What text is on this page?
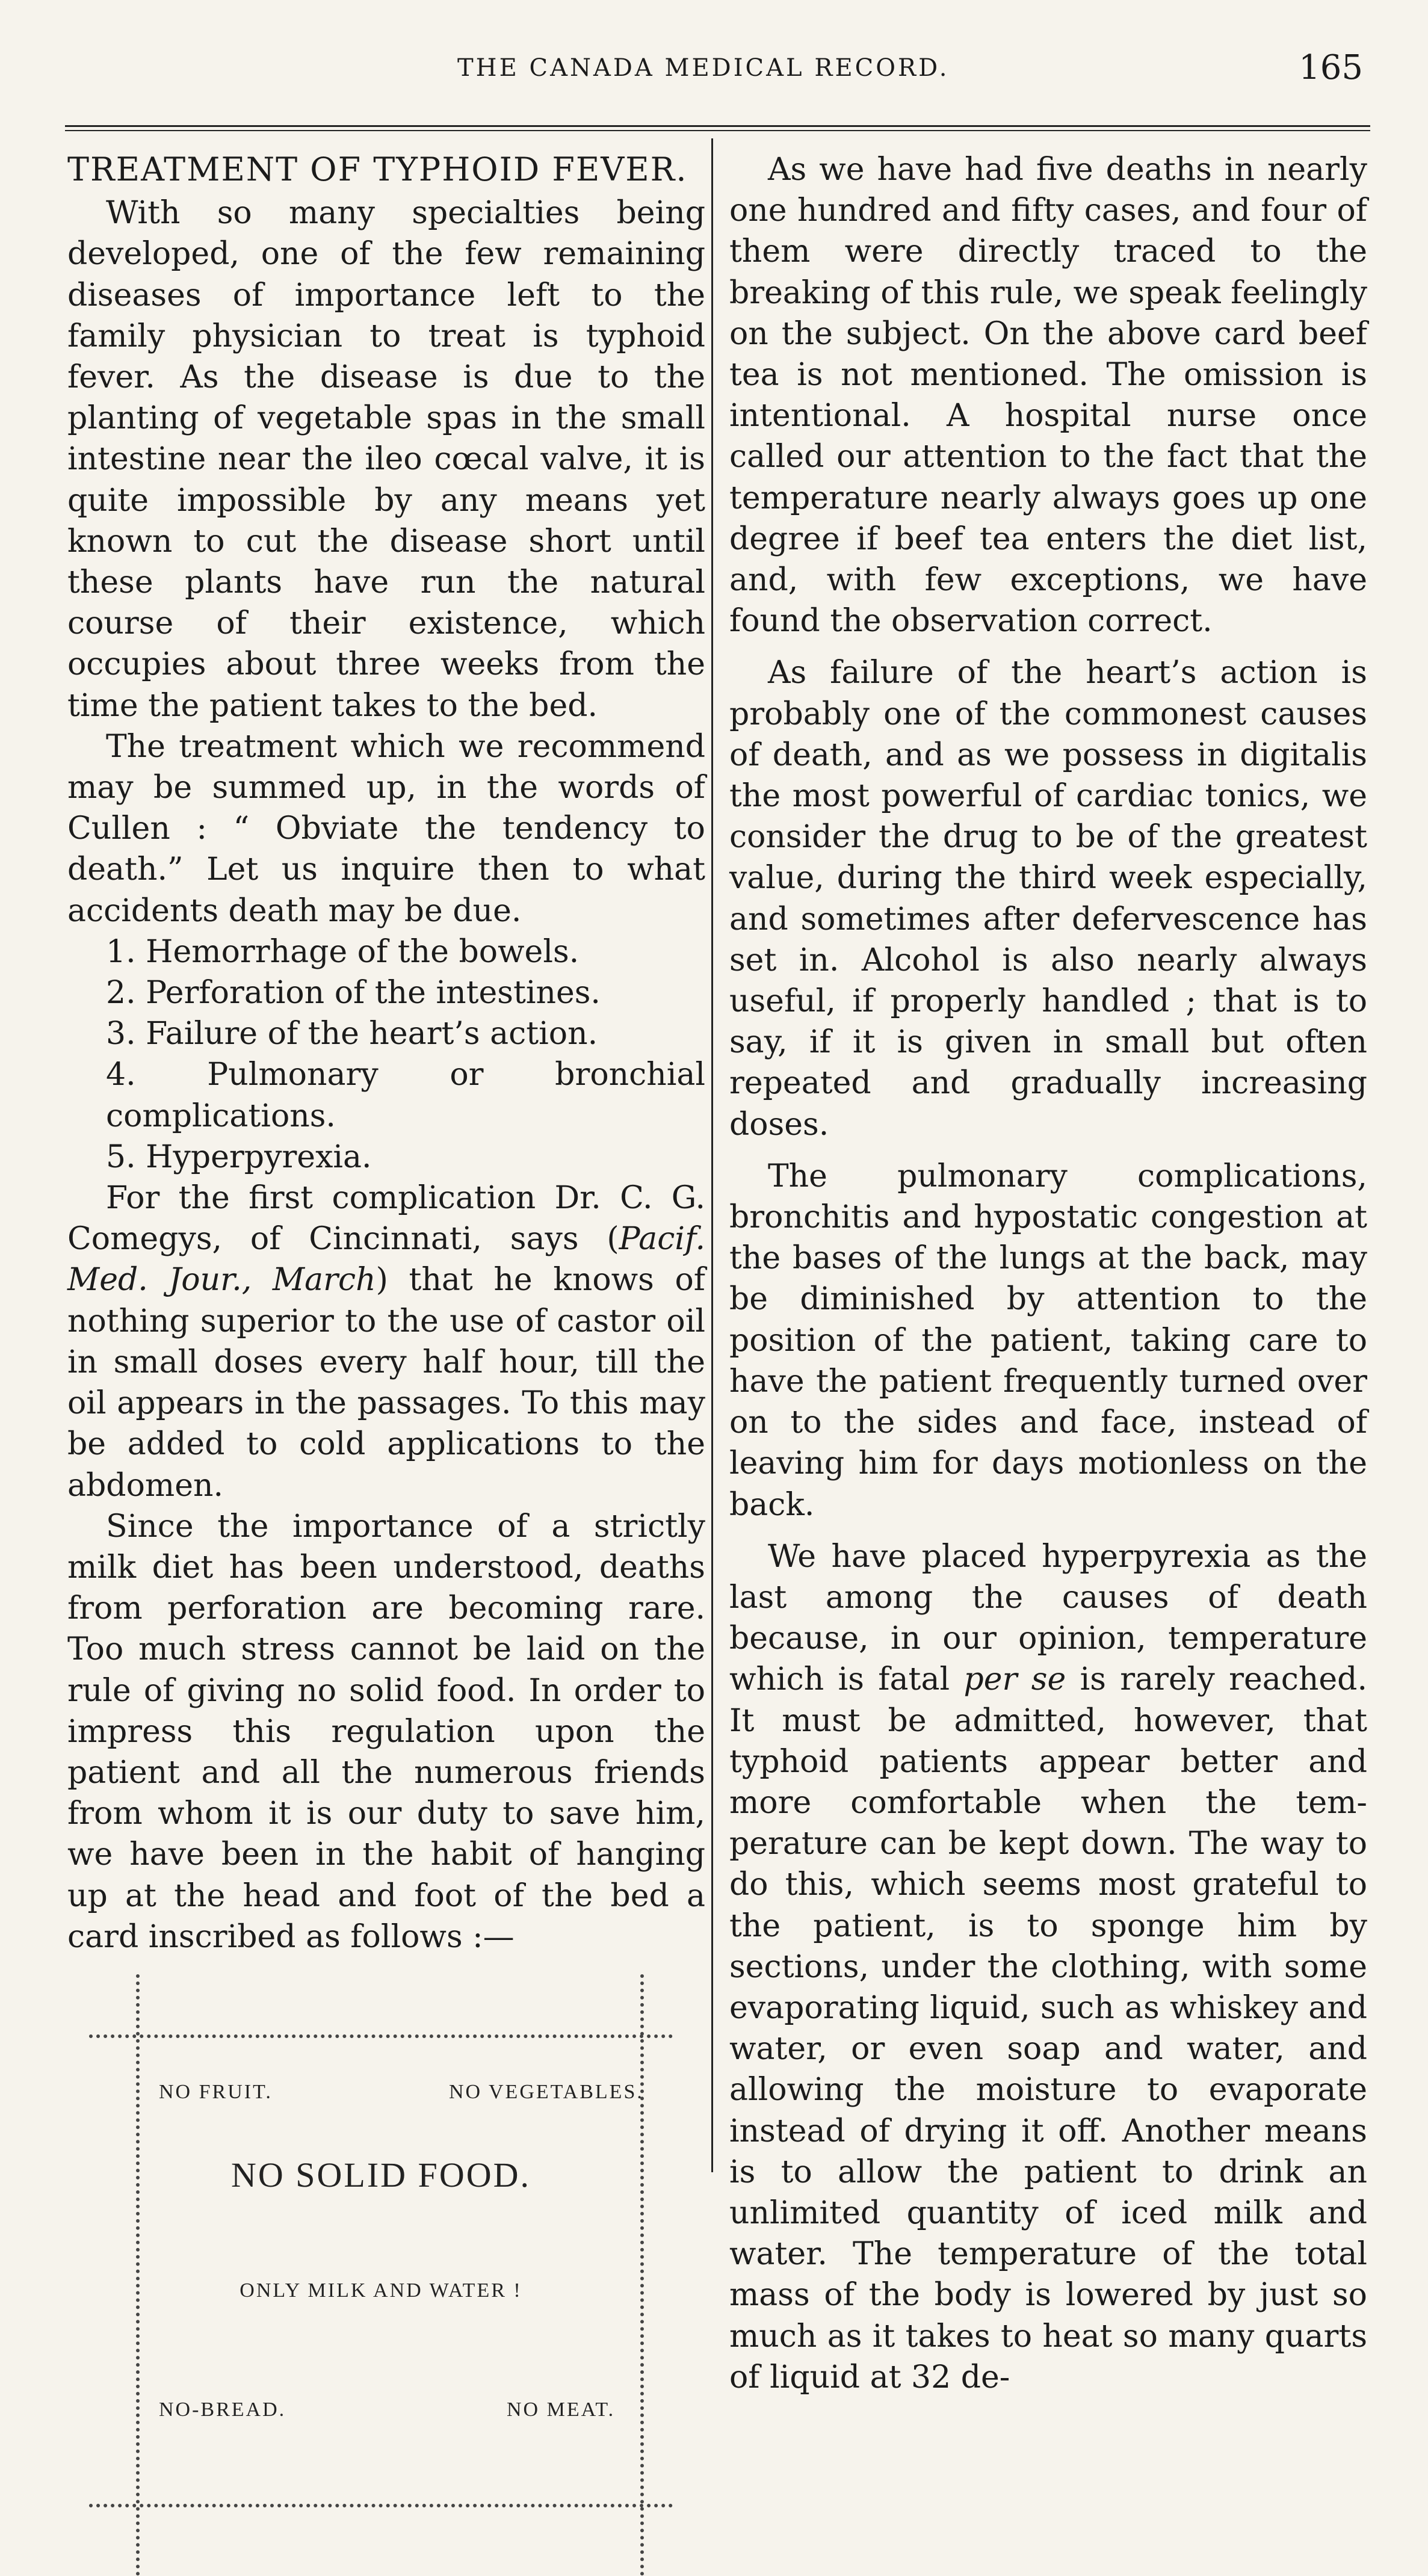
THE CANADA MEDICAL RECORD.	165

TREATMENT OF TYPHOID FEVER.

With so many specialties being developed, one of the few remaining diseases of importance left to the family physician to treat is typhoid fever. As the disease is due to the planting of vegetable spas in the small intestine near the ileo cœcal valve, it is quite impossible by any means yet known to cut the disease short until these plants have run the natural course of their existence, which occupies about three weeks from the time the patient takes to the bed.

The treatment which we recommend may be summed up, in the words of Cullen : “ Obviate the tendency to death.” Let us inquire then to what accidents death may be due.

1. Hemorrhage of the bowels.
2. Perforation of the intestines.
3. Failure of the heart’s action.
4. Pulmonary or bronchial complications.
5. Hyperpyrexia.

For the first complication Dr. C. G. Comegys, of Cincinnati, says (Pacif. Med. Jour., March) that he knows of nothing superior to the use of castor oil in small doses every half hour, till the oil appears in the passages. To this may be added to cold applications to the abdomen.

Since the importance of a strictly milk diet has been understood, deaths from perforation are becoming rare. Too much stress cannot be laid on the rule of giving no solid food. In order to impress this regulation upon the patient and all the numerous friends from whom it is our duty to save him, we have been in the habit of hanging up at the head and foot of the bed a card inscribed as follows :—

NO FRUIT.	NO VEGETABLES.
NO SOLID FOOD.
ONLY MILK AND WATER !
NO-BREAD.	NO MEAT.

As we have had five deaths in nearly one hundred and fifty cases, and four of them were directly traced to the breaking of this rule, we speak feelingly on the subject. On the above card beef tea is not mentioned. The omission is intentional. A hospital nurse once called our attention to the fact that the temperature nearly always goes up one degree if beef tea enters the diet list, and, with few exceptions, we have found the observation correct.

As failure of the heart’s action is probably one of the commonest causes of death, and as we possess in digitalis the most powerful of cardiac tonics, we consider the drug to be of the greatest value, during the third week especially, and sometimes after defervescence has set in. Alcohol is also nearly always useful, if properly handled ; that is to say, if it is given in small but often repeated and gradually increasing doses.

The pulmonary complications, bronchitis and hypostatic congestion at the bases of the lungs at the back, may be diminished by attention to the position of the patient, taking care to have the patient frequently turned over on to the sides and face, instead of leaving him for days motionless on the back.

We have placed hyperpyrexia as the last among the causes of death because, in our opinion, temperature which is fatal per se is rarely reached. It must be admitted, however, that typhoid patients appear better and more comfortable when the temperature can be kept down. The way to do this, which seems most grateful to the patient, is to sponge him by sections, under the clothing, with some evaporating liquid, such as whiskey and water, or even soap and water, and allowing the moisture to evaporate instead of drying it off. Another means is to allow the patient to drink an unlimited quantity of iced milk and water. The temperature of the total mass of the body is lowered by just so much as it takes to heat so many quarts of liquid at 32 de-
